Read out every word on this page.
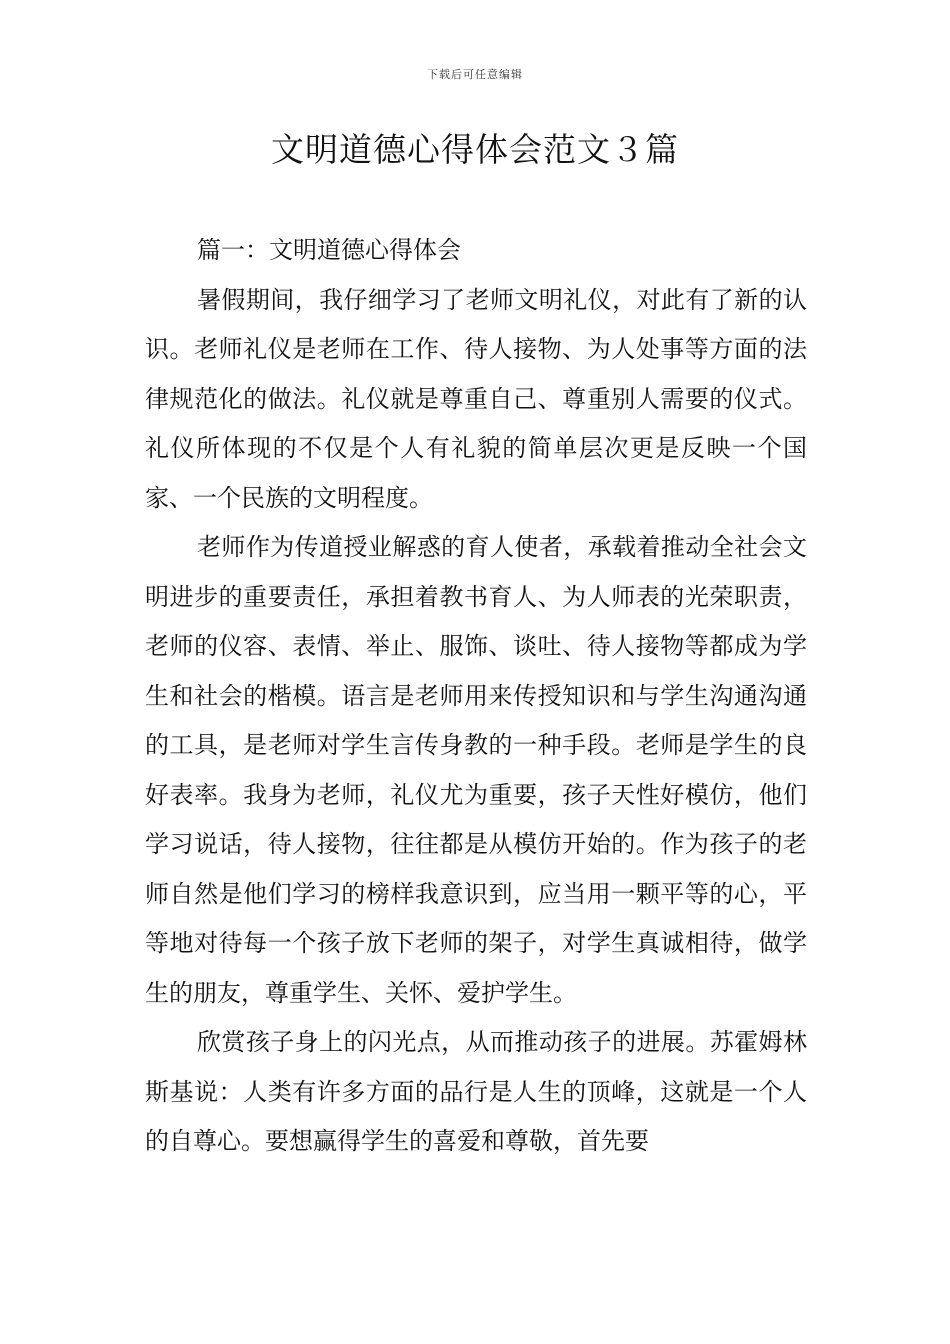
下载后可任意编辑
文明道德心得体会范文３篇

篇一：文明道德心得体会

暑假期间，我仔细学习了老师文明礼仪，对此有了新的认识。老师礼仪是老师在工作、待人接物、为人处事等方面的法律规范化的做法。礼仪就是尊重自己、尊重别人需要的仪式。礼仪所体现的不仅是个人有礼貌的简单层次更是反映一个国家、一个民族的文明程度。

老师作为传道授业解惑的育人使者，承载着推动全社会文明进步的重要责任，承担着教书育人、为人师表的光荣职责，老师的仪容、表情、举止、服饰、谈吐、待人接物等都成为学生和社会的楷模。语言是老师用来传授知识和与学生沟通沟通的工具，是老师对学生言传身教的一种手段。老师是学生的良好表率。我身为老师，礼仪尤为重要，孩子天性好模仿，他们学习说话，待人接物，往往都是从模仿开始的。作为孩子的老师自然是他们学习的榜样我意识到，应当用一颗平等的心，平等地对待每一个孩子放下老师的架子，对学生真诚相待，做学生的朋友，尊重学生、关怀、爱护学生。

欣赏孩子身上的闪光点，从而推动孩子的进展。苏霍姆林斯基说：人类有许多方面的品行是人生的顶峰，这就是一个人的自尊心。要想赢得学生的喜爱和尊敬，首先要
